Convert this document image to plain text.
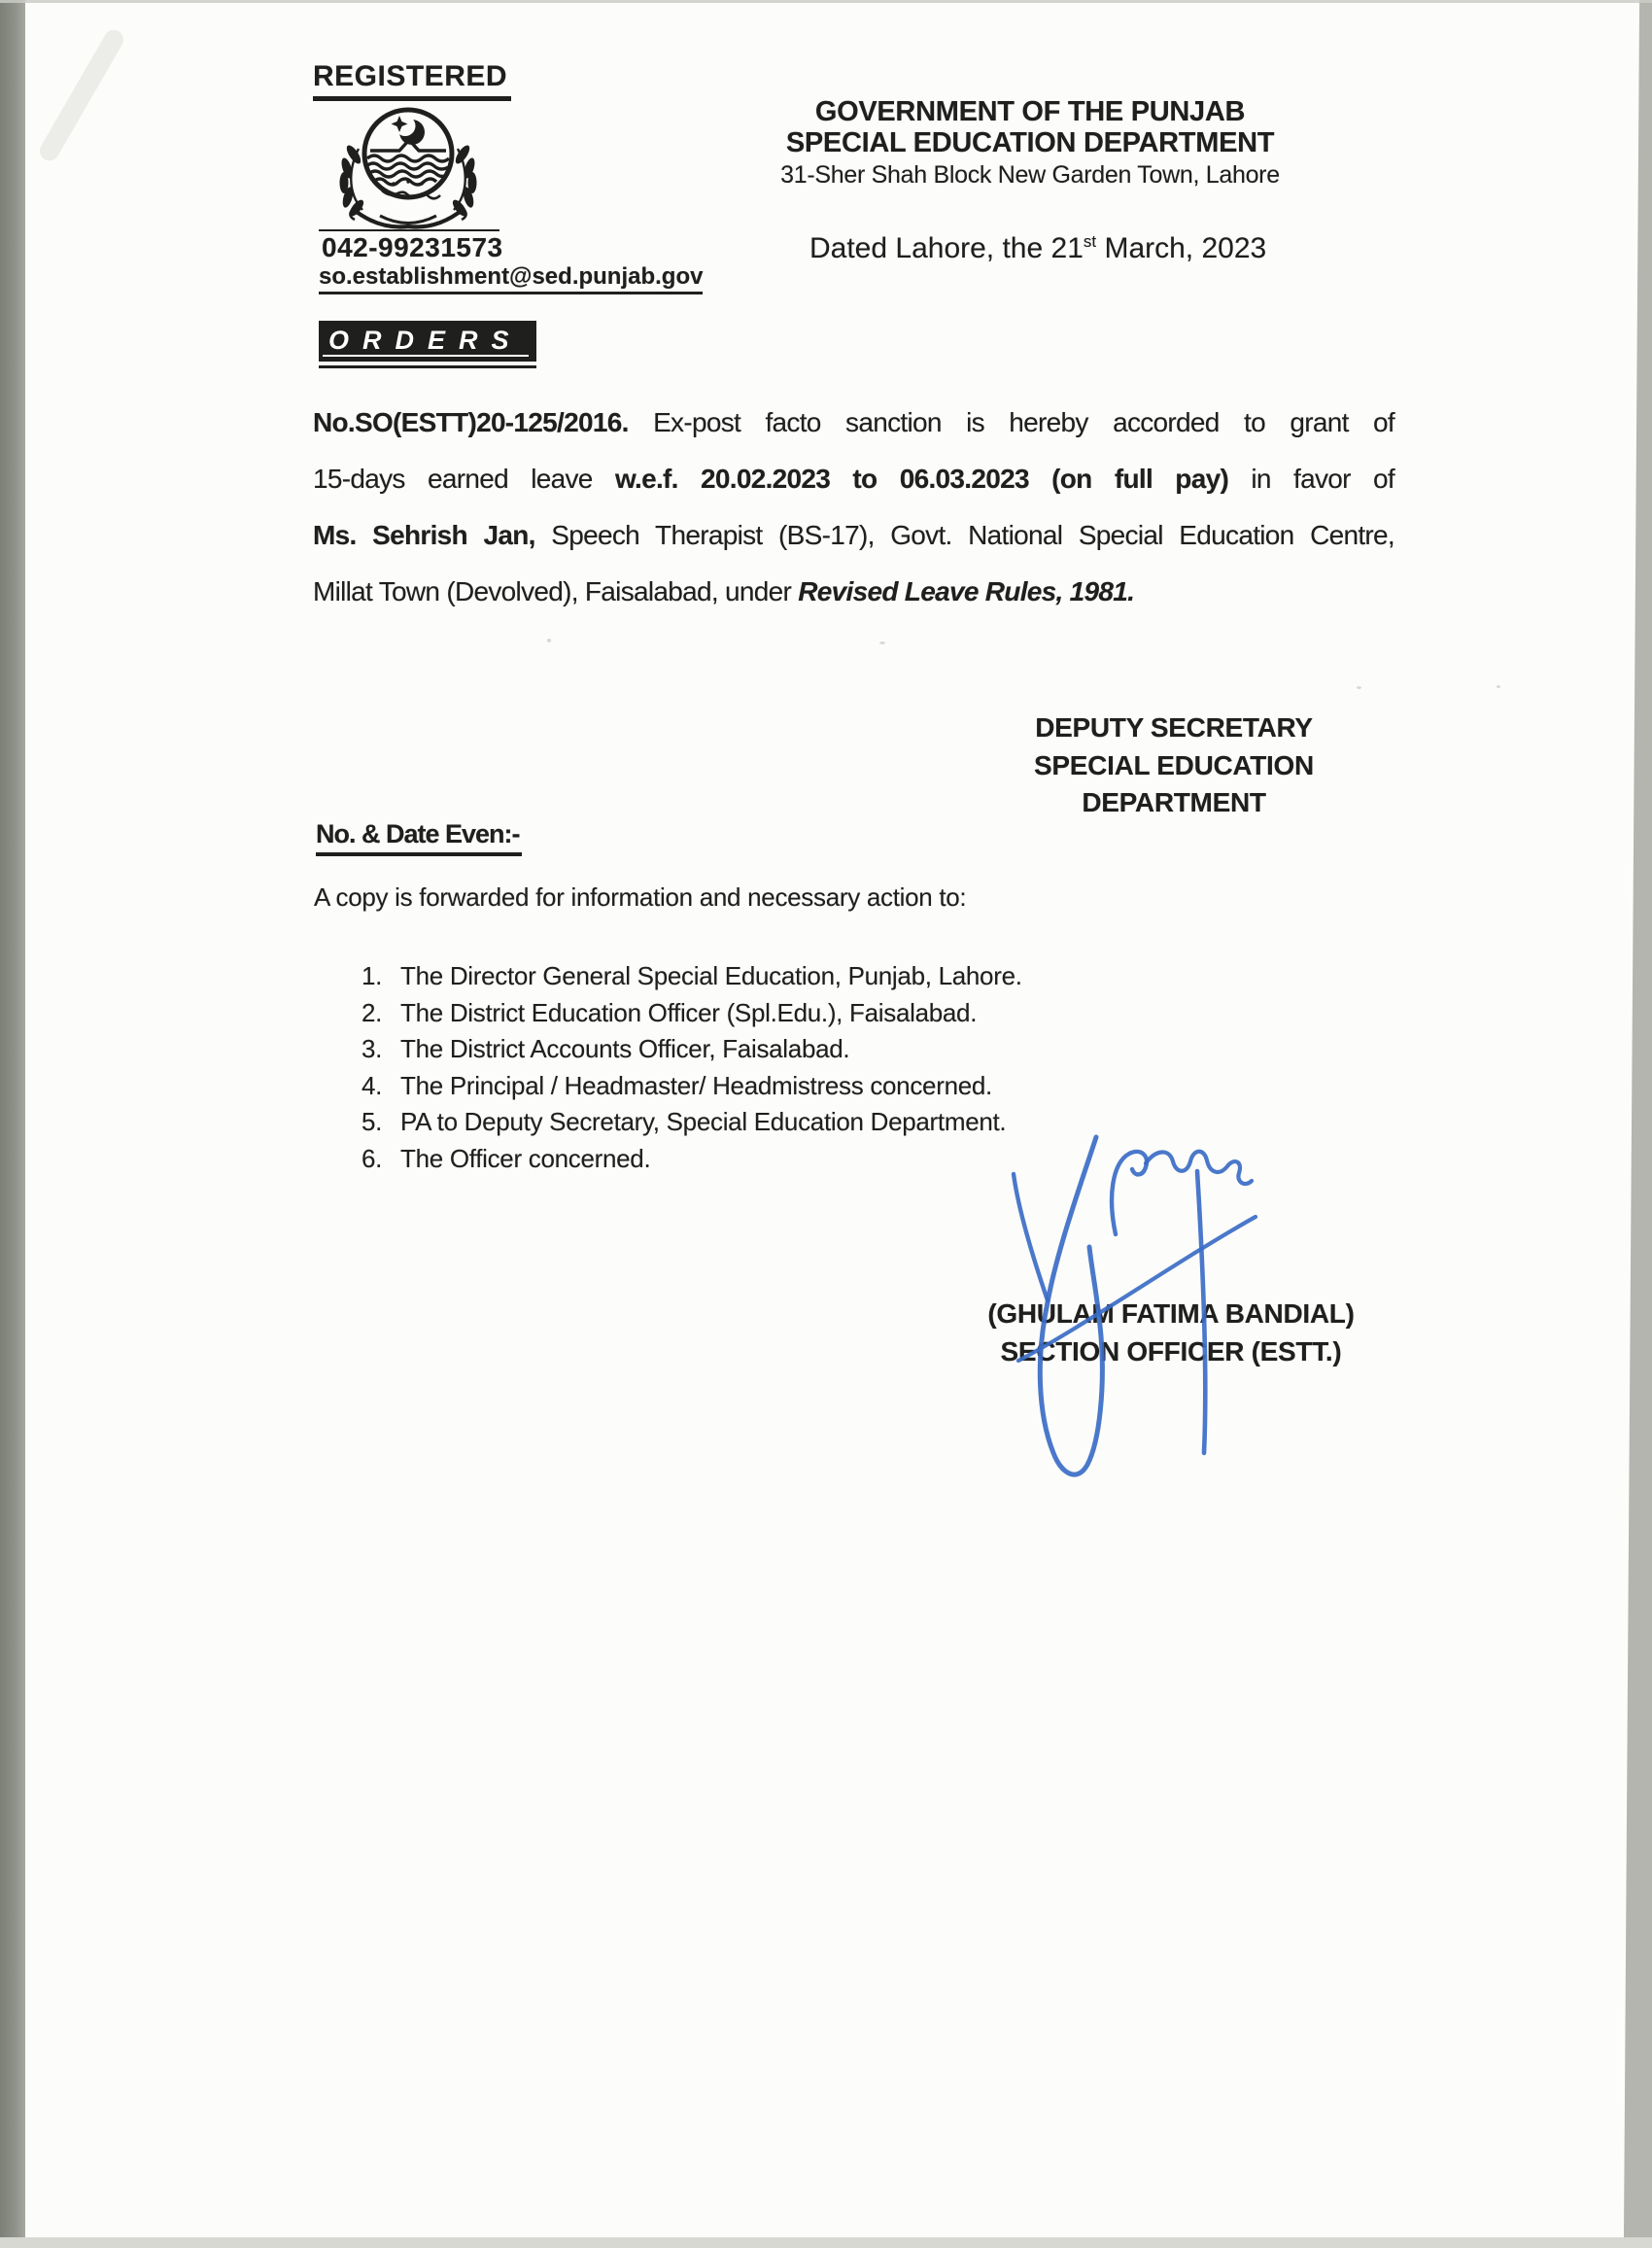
REGISTERED
042-99231573
so.establishment@sed.punjab.gov
GOVERNMENT OF THE PUNJAB
SPECIAL EDUCATION DEPARTMENT
31-Sher Shah Block New Garden Town, Lahore
Dated Lahore, the 21st March, 2023
ORDERS
No.SO(ESTT)20-125/2016. Ex-post facto sanction is hereby accorded to grant of
15-days earned leave w.e.f. 20.02.2023 to 06.03.2023 (on full pay) in favor of
Ms. Sehrish Jan, Speech Therapist (BS-17), Govt. National Special Education Centre,
Millat Town (Devolved), Faisalabad, under Revised Leave Rules, 1981.
DEPUTY SECRETARY
SPECIAL EDUCATION
DEPARTMENT
No. & Date Even:-
A copy is forwarded for information and necessary action to:
1. The Director General Special Education, Punjab, Lahore.
2. The District Education Officer (Spl.Edu.), Faisalabad.
3. The District Accounts Officer, Faisalabad.
4. The Principal / Headmaster/ Headmistress concerned.
5. PA to Deputy Secretary, Special Education Department.
6. The Officer concerned.
(GHULAM FATIMA BANDIAL)
SECTION OFFICER (ESTT.)
